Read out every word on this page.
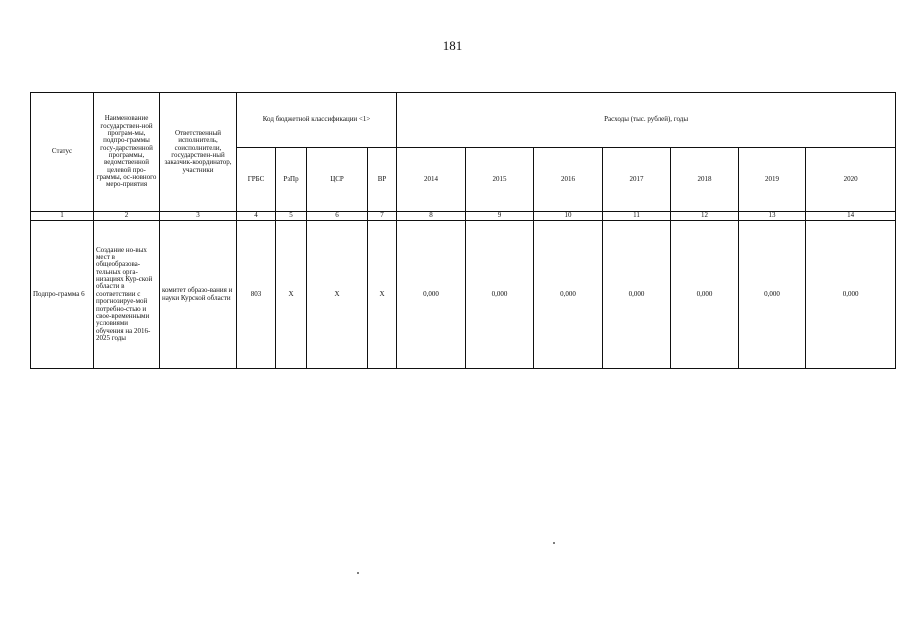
181
Статус	Наименование государствен-ной програм-мы, подпро-граммы госу-дарственной программы, ведомственной целевой про-граммы, ос-новного меро-приятия	Ответственный исполнитель, соисполнители, государствен-ный заказчик-координатор, участники	Код бюджетной классификации <1>				Расходы (тыс. рублей), годы						
			ГРБС	РзПр	ЦСР	ВР	2014	2015	2016	2017	2018	2019	2020
1	2	3	4	5	6	7	8	9	10	11	12	13	14
Подпро-грамма 6	Создание но-вых мест в общеобразова-тельных орга-низациях Кур-ской области в соответствии с прогнозируе-мой потребно-стью и свое-временными условиями обучения на 2016-2025 годы	комитет образо-вания и науки Курской области	803	X	X	X	0,000	0,000	0,000	0,000	0,000	0,000	0,000
